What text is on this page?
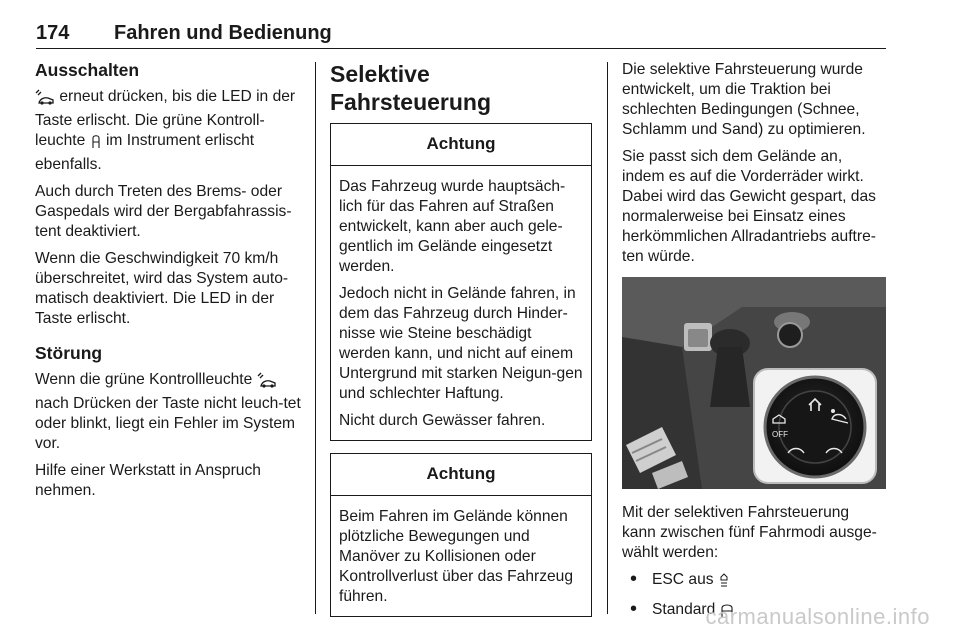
174 Fahren und Bedienung

Ausschalten

erneut drücken, bis die LED in der Taste erlischt. Die grüne Kontroll-leuchte  im Instrument erlischt ebenfalls.

Auch durch Treten des Brems- oder Gaspedals wird der Bergabfahrassis-tent deaktiviert.

Wenn die Geschwindigkeit 70 km/h überschreitet, wird das System auto-matisch deaktiviert. Die LED in der Taste erlischt.

Störung

Wenn die grüne Kontrollleuchte  nach Drücken der Taste nicht leuch-tet oder blinkt, liegt ein Fehler im System vor.

Hilfe einer Werkstatt in Anspruch nehmen.

Selektive Fahrsteuerung

Achtung

Das Fahrzeug wurde hauptsäch-lich für das Fahren auf Straßen entwickelt, kann aber auch gele-gentlich im Gelände eingesetzt werden.

Jedoch nicht in Gelände fahren, in dem das Fahrzeug durch Hinder-nisse wie Steine beschädigt werden kann, und nicht auf einem Untergrund mit starken Neigun-gen und schlechter Haftung.

Nicht durch Gewässer fahren.

Achtung

Beim Fahren im Gelände können plötzliche Bewegungen und Manöver zu Kollisionen oder Kontrollverlust über das Fahrzeug führen.

Die selektive Fahrsteuerung wurde entwickelt, um die Traktion bei schlechten Bedingungen (Schnee, Schlamm und Sand) zu optimieren.

Sie passt sich dem Gelände an, indem es auf die Vorderräder wirkt. Dabei wird das Gewicht gespart, das normalerweise bei Einsatz eines herkömmlichen Allradantriebs auftre-ten würde.

OFF

Mit der selektiven Fahrsteuerung kann zwischen fünf Fahrmodi ausge-wählt werden:

• ESC aus
• Standard
carmanualsonline.info
